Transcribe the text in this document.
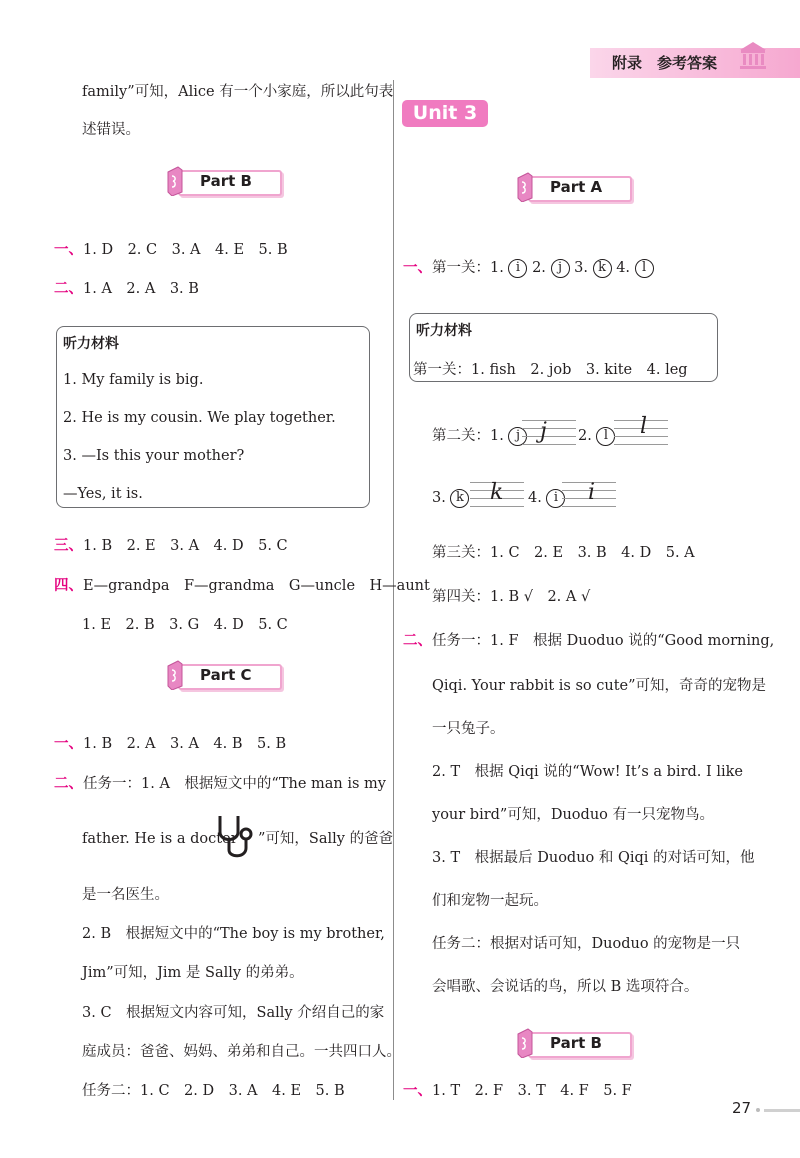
附录　参考答案
family”可知，Alice 有一个小家庭，所以此句表
述错误。
Part B
一、1. D　2. C　3. A　4. E　5. B
二、1. A　2. A　3. B
听力材料
1. My family is big.
2. He is my cousin. We play together.
3. —Is this your mother?
—Yes, it is.
三、1. B　2. E　3. A　4. D　5. C
四、E—grandpa　F—grandma　G—uncle　H—aunt
1. E　2. B　3. G　4. D　5. C
Part C
一、1. B　2. A　3. A　4. B　5. B
二、任务一：1. A　根据短文中的“The man is my
father. He is a doctor ”可知，Sally 的爸爸
是一名医生。
2. B　根据短文中的“The boy is my brother,
Jim”可知，Jim 是 Sally 的弟弟。
3. C　根据短文内容可知，Sally 介绍自己的家
庭成员：爸爸、妈妈、弟弟和自己。一共四口人。
任务二：1. C　2. D　3. A　4. E　5. B
Unit 3
Part A
一、第一关：1. i 2. j 3. k 4. l
听力材料
第一关：1. fish　2. job　3. kite　4. leg
第二关：1. j j 2. l	l
3. k k 4. i	i
第三关：1. C　2. E　3. B　4. D　5. A
第四关：1. B √　2. A √
二、任务一：1. F　根据 Duoduo 说的“Good morning,
Qiqi. Your rabbit is so cute”可知，奇奇的宠物是
一只兔子。
2. T　根据 Qiqi 说的“Wow! It’s a bird. I like
your bird”可知，Duoduo 有一只宠物鸟。
3. T　根据最后 Duoduo 和 Qiqi 的对话可知，他
们和宠物一起玩。
任务二：根据对话可知，Duoduo 的宠物是一只
会唱歌、会说话的鸟，所以 B 选项符合。
Part B
一、1. T　2. F　3. T　4. F　5. F
27
